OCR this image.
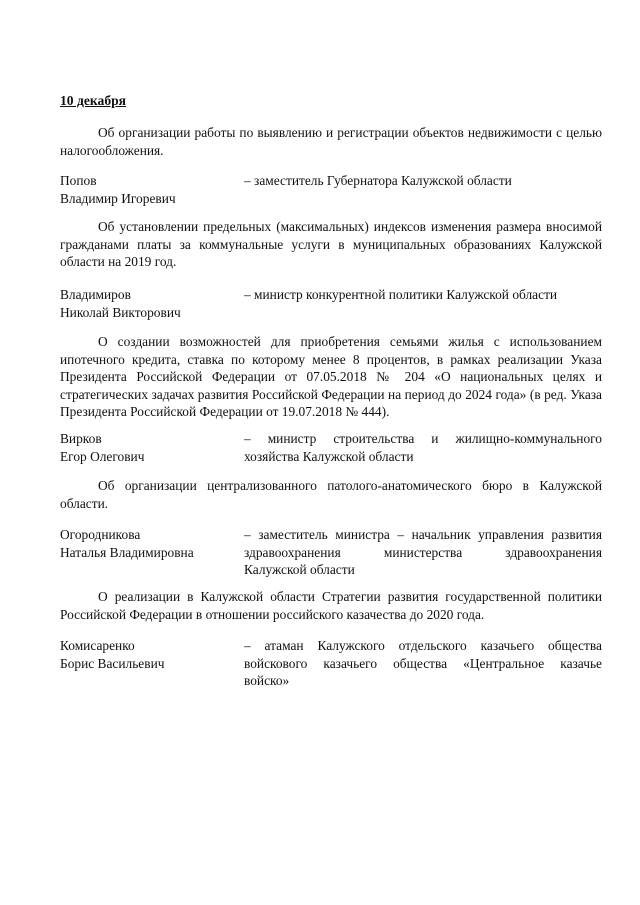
10 декабря
Об организации работы по выявлению и регистрации объектов недвижимости с целью налогообложения.
Попов
Владимир Игоревич
– заместитель Губернатора Калужской области
Об установлении предельных (максимальных) индексов изменения размера вносимой гражданами платы за коммунальные услуги в муниципальных образованиях Калужской области на 2019 год.
Владимиров
Николай Викторович
– министр конкурентной политики Калужской области
О создании возможностей для приобретения семьями жилья с использованием ипотечного кредита, ставка по которому менее 8 процентов, в рамках реализации Указа Президента Российской Федерации от 07.05.2018 № 204 «О национальных целях и стратегических задачах развития Российской Федерации на период до 2024 года» (в ред. Указа Президента Российской Федерации от 19.07.2018 № 444).
Вирков
Егор Олегович
– министр строительства и жилищно-коммунального
хозяйства Калужской области
Об организации централизованного патолого-анатомического бюро в Калужской области.
Огородникова
Наталья Владимировна
– заместитель министра – начальник управления развития
здравоохранения министерства здравоохранения
Калужской области
О реализации в Калужской области Стратегии развития государственной политики Российской Федерации в отношении российского казачества до 2020 года.
Комисаренко
Борис Васильевич
– атаман Калужского отдельского казачьего общества
войскового казачьего общества «Центральное казачье
войско»
